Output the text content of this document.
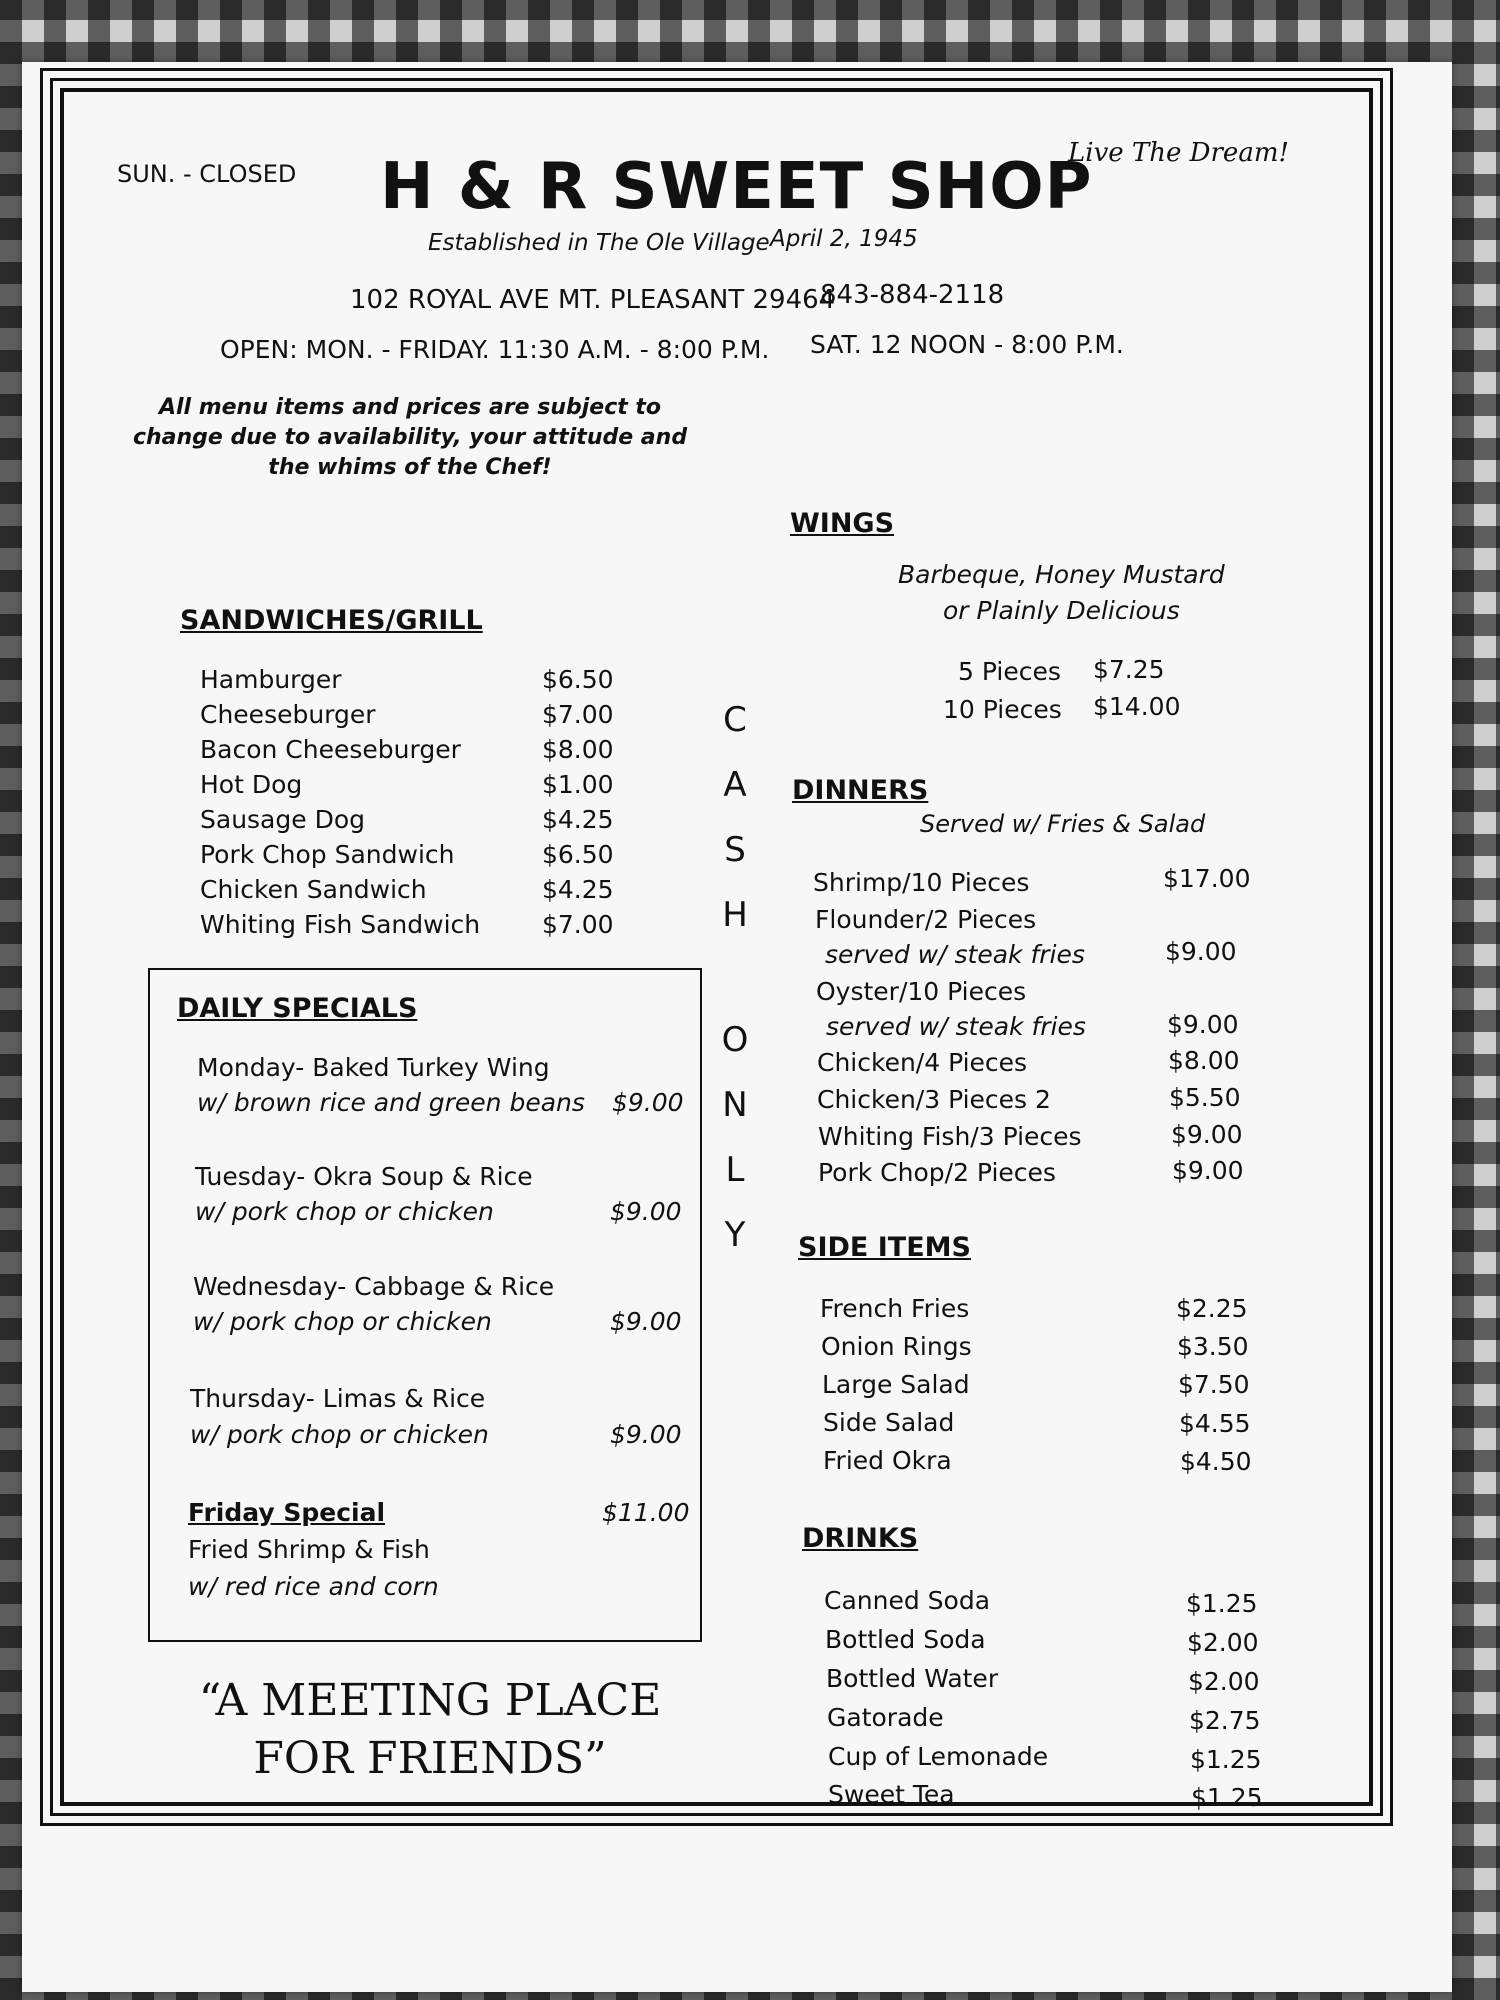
SUN. - CLOSED H & R SWEET SHOP
Live The Dream!
Established in The Ole Village April 2, 1945
102 ROYAL AVE MT. PLEASANT 29464
843-884-2118
OPEN: MON. - FRIDAY. 11:30 A.M. - 8:00 P.M. SAT. 12 NOON - 8:00 P.M.
All menu items and prices are subject to change due to availability, your attitude and the whims of the Chef!
SANDWICHES/GRILL
Hamburger	$6.50
Cheeseburger	$7.00
Bacon Cheeseburger	$8.00
Hot Dog	$1.00
Sausage Dog	$4.25
Pork Chop Sandwich	$6.50
Chicken Sandwich	$4.25
Whiting Fish Sandwich $7.00
DAILY SPECIALS
Monday- Baked Turkey Wing
w/ brown rice and green beans $9.00
Tuesday- Okra Soup & Rice
w/ pork chop or chicken	$9.00
Wednesday- Cabbage & Rice
w/ pork chop or chicken	$9.00
Thursday- Limas & Rice
w/ pork chop or chicken	$9.00
Friday Special	$11.00
Fried Shrimp & Fish
w/ red rice and corn
“A MEETING PLACE
FOR FRIENDS”
C
A
S
H
O
N
L
Y
WINGS
Barbeque, Honey Mustard
or Plainly Delicious
5 Pieces $7.25
10 Pieces $14.00
DINNERS
Served w/ Fries & Salad
Shrimp/10 Pieces	$17.00
Flounder/2 Pieces
served w/ steak fries	$9.00
Oyster/10 Pieces
served w/ steak fries	$9.00
Chicken/4 Pieces	$8.00
Chicken/3 Pieces 2	$5.50
Whiting Fish/3 Pieces	$9.00
Pork Chop/2 Pieces	$9.00
SIDE ITEMS
French Fries	$2.25
Onion Rings	$3.50
Large Salad	$7.50
Side Salad	$4.55
Fried Okra	$4.50
DRINKS
Canned Soda	$1.25
Bottled Soda	$2.00
Bottled Water	$2.00
Gatorade	$2.75
Cup of Lemonade	$1.25
Sweet Tea	$1.25
